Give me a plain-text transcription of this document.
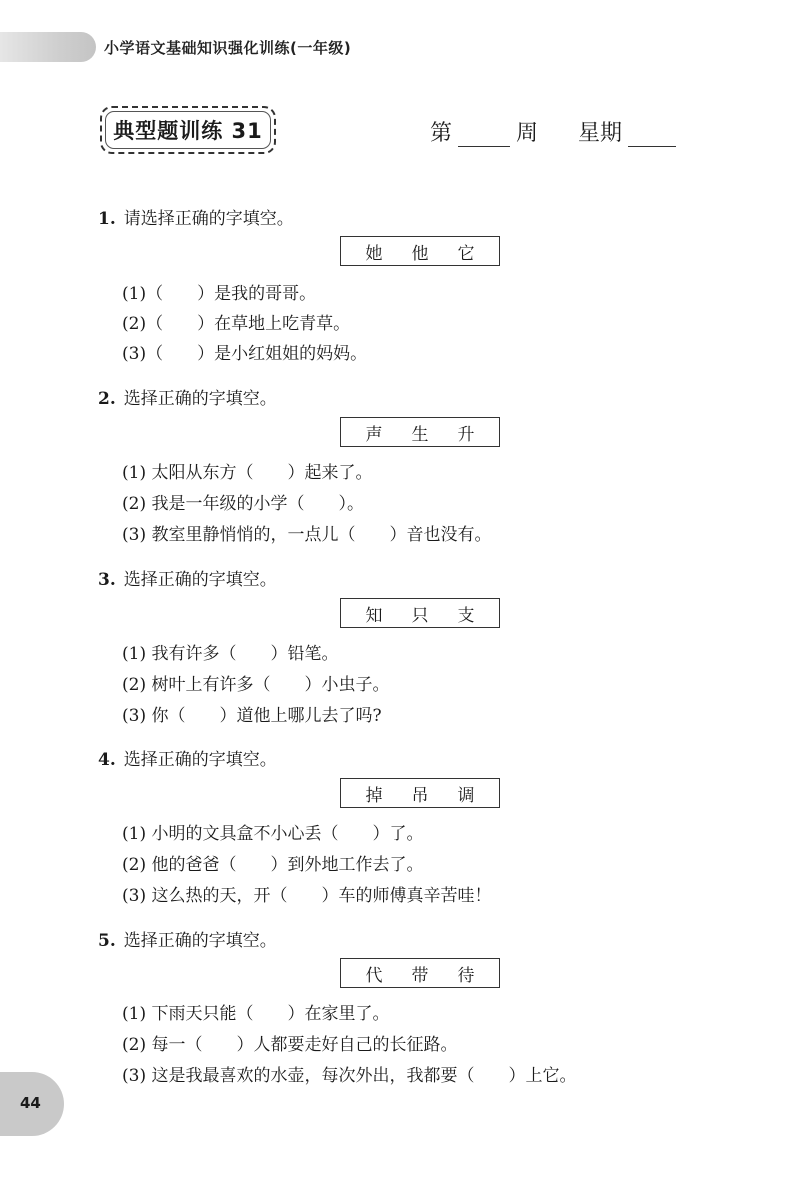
小学语文基础知识强化训练(一年级)
典型题训练 31	第	周 星期
1. 请选择正确的字填空。
她 他 它
(1)（　　）是我的哥哥。
(2)（　　）在草地上吃青草。
(3)（　　）是小红姐姐的妈妈。
2. 选择正确的字填空。
声 生 升
(1) 太阳从东方（　　）起来了。
(2) 我是一年级的小学（　　）。
(3) 教室里静悄悄的，一点儿（　　）音也没有。
3. 选择正确的字填空。
知 只 支
(1) 我有许多（　　）铅笔。
(2) 树叶上有许多（　　）小虫子。
(3) 你（　　）道他上哪儿去了吗?
4. 选择正确的字填空。
掉 吊 调
(1) 小明的文具盒不小心丢（　　）了。
(2) 他的爸爸（　　）到外地工作去了。
(3) 这么热的天，开（　　）车的师傅真辛苦哇！
5. 选择正确的字填空。
代 带 待
(1) 下雨天只能（　　）在家里了。
(2) 每一（　　）人都要走好自己的长征路。
(3) 这是我最喜欢的水壶，每次外出，我都要（　　）上它。
44
